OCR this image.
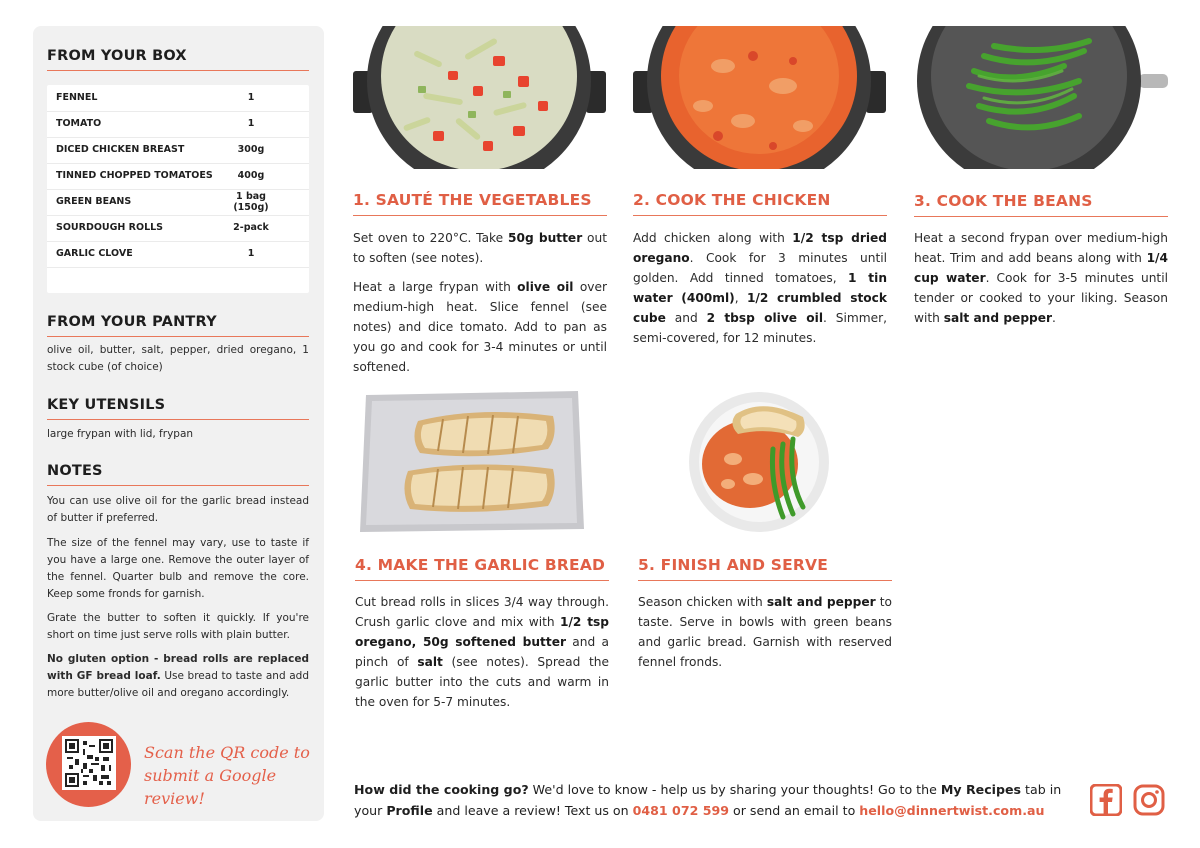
FROM YOUR BOX
FENNEL	1
TOMATO	1
DICED CHICKEN BREAST	300g
TINNED CHOPPED TOMATOES	400g
GREEN BEANS	1 bag (150g)
SOURDOUGH ROLLS	2-pack
GARLIC CLOVE	1
FROM YOUR PANTRY
olive oil, butter, salt, pepper, dried oregano, 1 stock cube (of choice)
KEY UTENSILS
large frypan with lid, frypan
NOTES
You can use olive oil for the garlic bread instead of butter if preferred.
The size of the fennel may vary, use to taste if you have a large one. Remove the outer layer of the fennel. Quarter bulb and remove the core. Keep some fronds for garnish.
Grate the butter to soften it quickly. If you're short on time just serve rolls with plain butter.
No gluten option - bread rolls are replaced with GF bread loaf. Use bread to taste and add more butter/olive oil and oregano accordingly.
Scan the QR code to
submit a Google review!
1. SAUTÉ THE VEGETABLES

Set oven to 220°C. Take 50g butter out to soften (see notes).

Heat a large frypan with olive oil over medium-high heat. Slice fennel (see notes) and dice tomato. Add to pan as you go and cook for 3-4 minutes or until softened.

2. COOK THE CHICKEN

Add chicken along with 1/2 tsp dried oregano. Cook for 3 minutes until golden. Add tinned tomatoes, 1 tin water (400ml), 1/2 crumbled stock cube and 2 tbsp olive oil. Simmer, semi-covered, for 12 minutes.

3. COOK THE BEANS

Heat a second frypan over medium-high heat. Trim and add beans along with 1/4 cup water. Cook for 3-5 minutes until tender or cooked to your liking. Season with salt and pepper.

4. MAKE THE GARLIC BREAD

Cut bread rolls in slices 3/4 way through. Crush garlic clove and mix with 1/2 tsp oregano, 50g softened butter and a pinch of salt (see notes). Spread the garlic butter into the cuts and warm in the oven for 5-7 minutes.

5. FINISH AND SERVE

Season chicken with salt and pepper to taste. Serve in bowls with green beans and garlic bread. Garnish with reserved fennel fronds.

How did the cooking go? We'd love to know - help us by sharing your thoughts! Go to the My Recipes tab in your Profile and leave a review! Text us on 0481 072 599 or send an email to hello@dinnertwist.com.au
